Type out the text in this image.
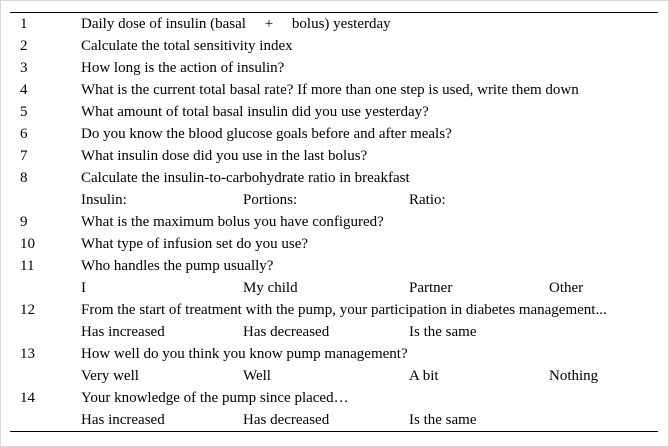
1	Daily dose of insulin (basal  +  bolus) yesterday
2	Calculate the total sensitivity index
3	How long is the action of insulin?
4	What is the current total basal rate? If more than one step is used, write them down
5	What amount of total basal insulin did you use yesterday?
6	Do you know the blood glucose goals before and after meals?
7	What insulin dose did you use in the last bolus?
8	Calculate the insulin-to-carbohydrate ratio in breakfast
Insulin:	Portions:	Ratio:
9	What is the maximum bolus you have configured?
10	What type of infusion set do you use?
11	Who handles the pump usually?
I	My child	Partner	Other
12	From the start of treatment with the pump, your participation in diabetes management...
Has increased	Has decreased	Is the same
13	How well do you think you know pump management?
Very well	Well	A bit	Nothing
14	Your knowledge of the pump since placed…
Has increased	Has decreased	Is the same
